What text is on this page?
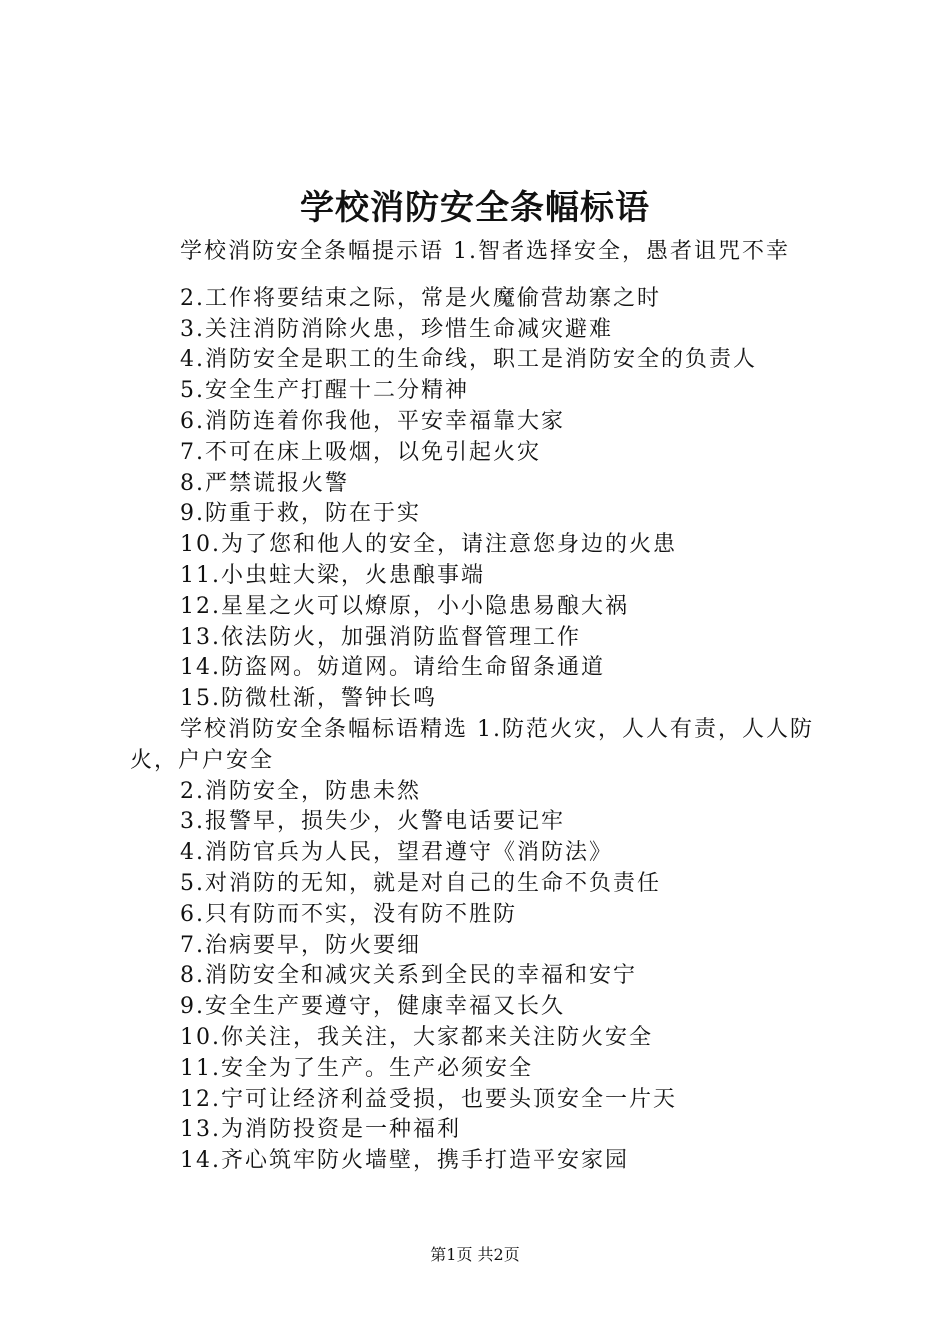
学校消防安全条幅标语
学校消防安全条幅提示语 1.智者选择安全，愚者诅咒不幸
2.工作将要结束之际，常是火魔偷营劫寨之时
3.关注消防消除火患，珍惜生命减灾避难
4.消防安全是职工的生命线，职工是消防安全的负责人
5.安全生产打醒十二分精神
6.消防连着你我他，平安幸福靠大家
7.不可在床上吸烟，以免引起火灾
8.严禁谎报火警
9.防重于救，防在于实
10.为了您和他人的安全，请注意您身边的火患
11.小虫蛀大梁，火患酿事端
12.星星之火可以燎原，小小隐患易酿大祸
13.依法防火，加强消防监督管理工作
14.防盗网。妨道网。请给生命留条通道
15.防微杜渐，警钟长鸣
学校消防安全条幅标语精选 1.防范火灾，人人有责，人人防火，户户安全
2.消防安全，防患未然
3.报警早，损失少，火警电话要记牢
4.消防官兵为人民，望君遵守《消防法》
5.对消防的无知，就是对自己的生命不负责任
6.只有防而不实，没有防不胜防
7.治病要早，防火要细
8.消防安全和减灾关系到全民的幸福和安宁
9.安全生产要遵守，健康幸福又长久
10.你关注，我关注，大家都来关注防火安全
11.安全为了生产。生产必须安全
12.宁可让经济利益受损，也要头顶安全一片天
13.为消防投资是一种福利
14.齐心筑牢防火墙壁，携手打造平安家园
第1页 共2页
